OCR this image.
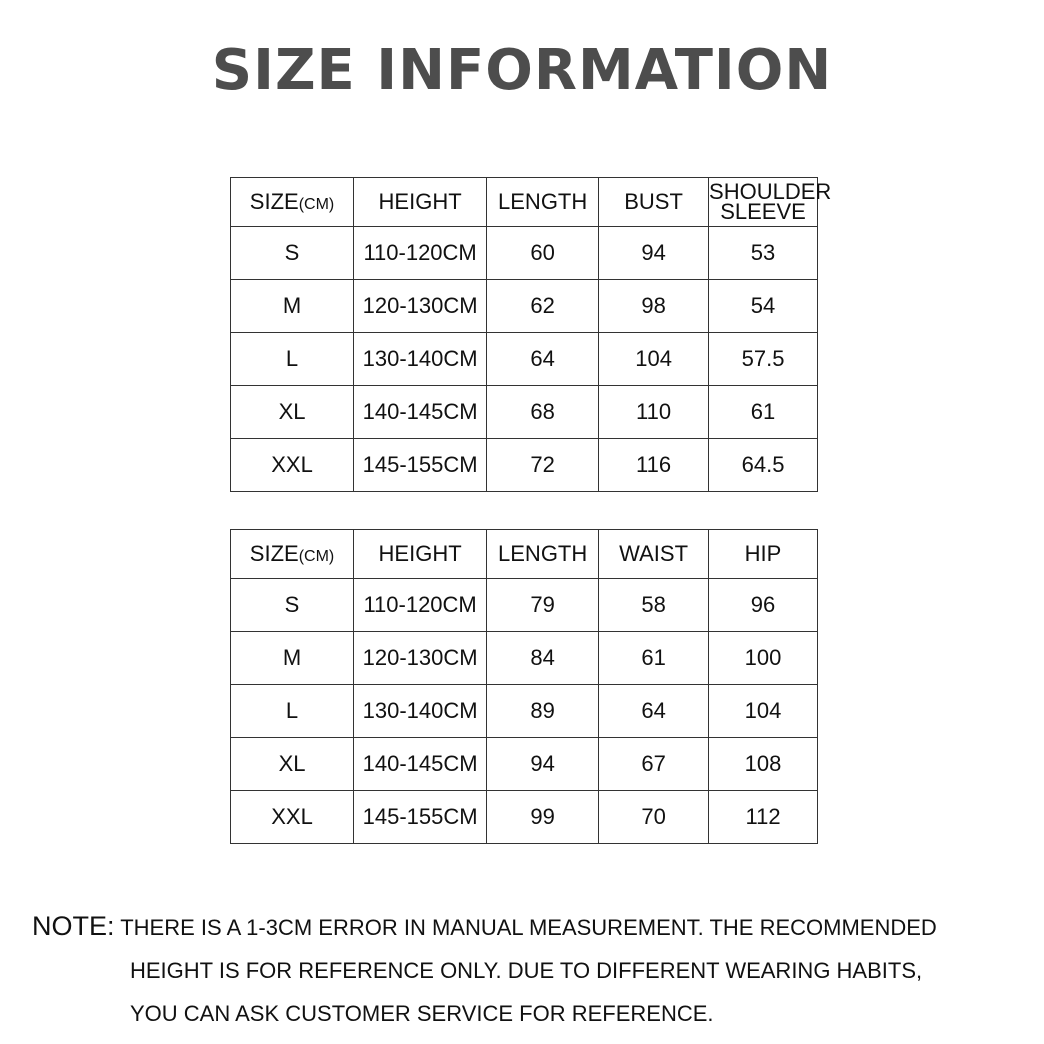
SIZE INFORMATION
SIZE(CM)	HEIGHT	LENGTH	BUST	SHOULDER
SLEEVE
S	110-120CM	60	94	53
M	120-130CM	62	98	54
L	130-140CM	64	104	57.5
XL	140-145CM	68	110	61
XXL	145-155CM	72	116	64.5
SIZE(CM)	HEIGHT	LENGTH	WAIST	HIP
S	110-120CM	79	58	96
M	120-130CM	84	61	100
L	130-140CM	89	64	104
XL	140-145CM	94	67	108
XXL	145-155CM	99	70	112
NOTE: THERE IS A 1-3CM ERROR IN MANUAL MEASUREMENT. THE RECOMMENDED
HEIGHT IS FOR REFERENCE ONLY. DUE TO DIFFERENT WEARING HABITS,
YOU CAN ASK CUSTOMER SERVICE FOR REFERENCE.
